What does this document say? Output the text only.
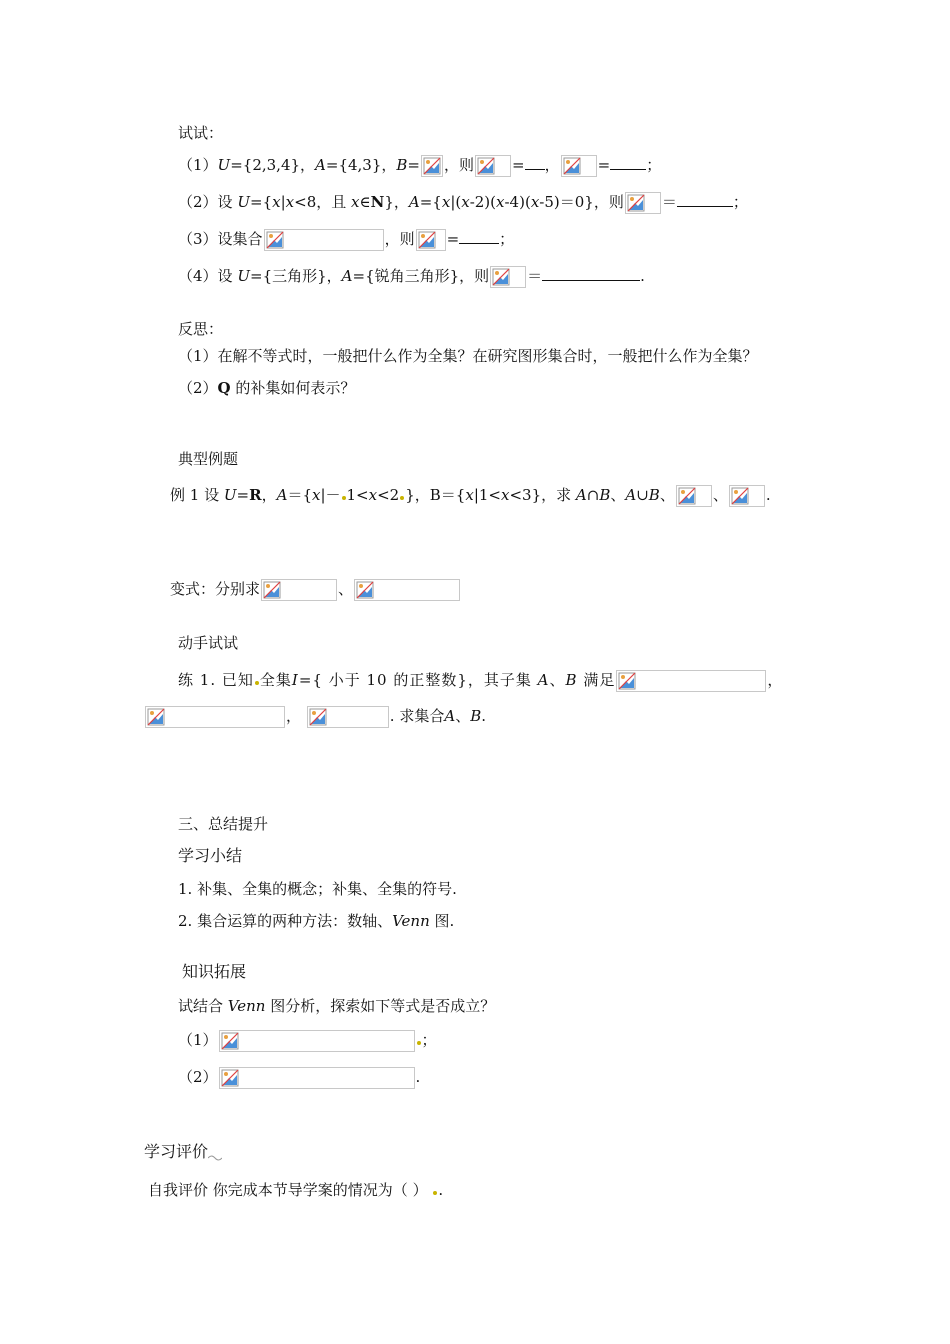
试试：
（1）U={2,3,4}，A={4,3}，B= ，则	= ，	= ；
（2）设 U={x|x<8，且 x∈N}，A={x|(x-2)(x-4)(x-5)＝0}，则	＝	；
（3）设集合	，则 =	；
（4）设 U={三角形}，A={锐角三角形}，则	＝	.
反思：
（1）在解不等式时，一般把什么作为全集？在研究图形集合时，一般把什么作为全集？
（2）Q 的补集如何表示？
典型例题
例 1 设 U=R，A＝{x|－ 1<x<2 }，B＝{x|1<x<3}，求 A∩B、A∪B、	、	.
变式：分别求	、
动手试试
练 1. 已知 全集I={ 小于 10 的正整数}，其子集 A、B 满足	，
，	. 求集合A、B.
三、总结提升
学习小结
1. 补集、全集的概念；补集、全集的符号.
2. 集合运算的两种方法：数轴、Venn 图.
知识拓展
试结合 Venn 图分析，探索如下等式是否成立？
（1）	；
（2）	.
学习评价
自我评价 你完成本节导学案的情况为（ ） .
